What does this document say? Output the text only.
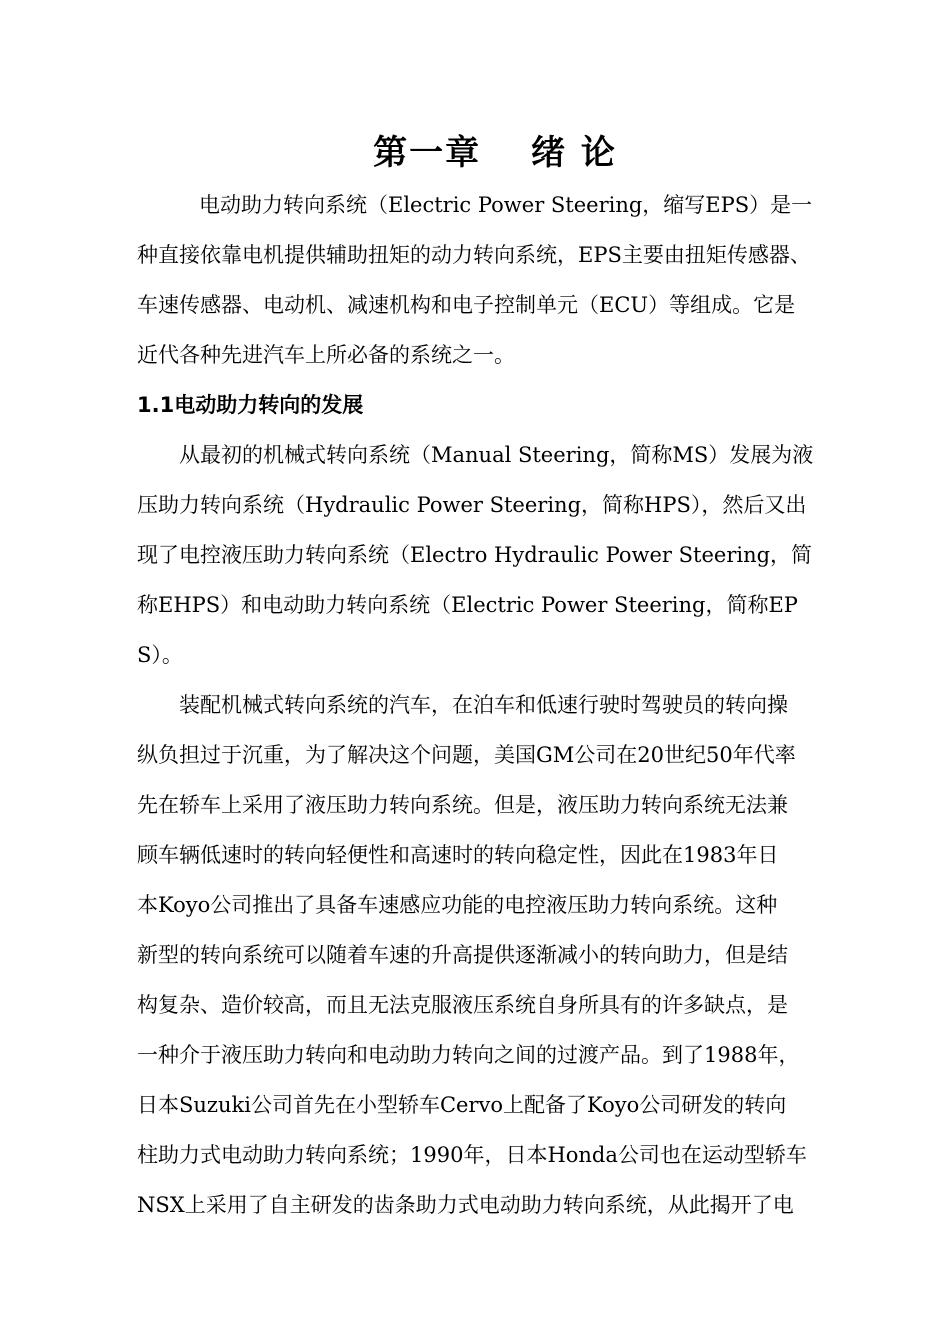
第一章　 绪 论
电动助力转向系统（Electric Power Steering，缩写EPS）是一
种直接依靠电机提供辅助扭矩的动力转向系统，EPS主要由扭矩传感器、
车速传感器、电动机、减速机构和电子控制单元（ECU）等组成。它是
近代各种先进汽车上所必备的系统之一。
1.1电动助力转向的发展
从最初的机械式转向系统（Manual Steering，简称MS）发展为液
压助力转向系统（Hydraulic Power Steering，简称HPS），然后又出
现了电控液压助力转向系统（Electro Hydraulic Power Steering，简
称EHPS）和电动助力转向系统（Electric Power Steering，简称EP
S）。
装配机械式转向系统的汽车，在泊车和低速行驶时驾驶员的转向操
纵负担过于沉重，为了解决这个问题，美国GM公司在20世纪50年代率
先在轿车上采用了液压助力转向系统。但是，液压助力转向系统无法兼
顾车辆低速时的转向轻便性和高速时的转向稳定性，因此在1983年日
本Koyo公司推出了具备车速感应功能的电控液压助力转向系统。这种
新型的转向系统可以随着车速的升高提供逐渐减小的转向助力，但是结
构复杂、造价较高，而且无法克服液压系统自身所具有的许多缺点，是
一种介于液压助力转向和电动助力转向之间的过渡产品。到了1988年，
日本Suzuki公司首先在小型轿车Cervo上配备了Koyo公司研发的转向
柱助力式电动助力转向系统；1990年，日本Honda公司也在运动型轿车
NSX上采用了自主研发的齿条助力式电动助力转向系统，从此揭开了电
